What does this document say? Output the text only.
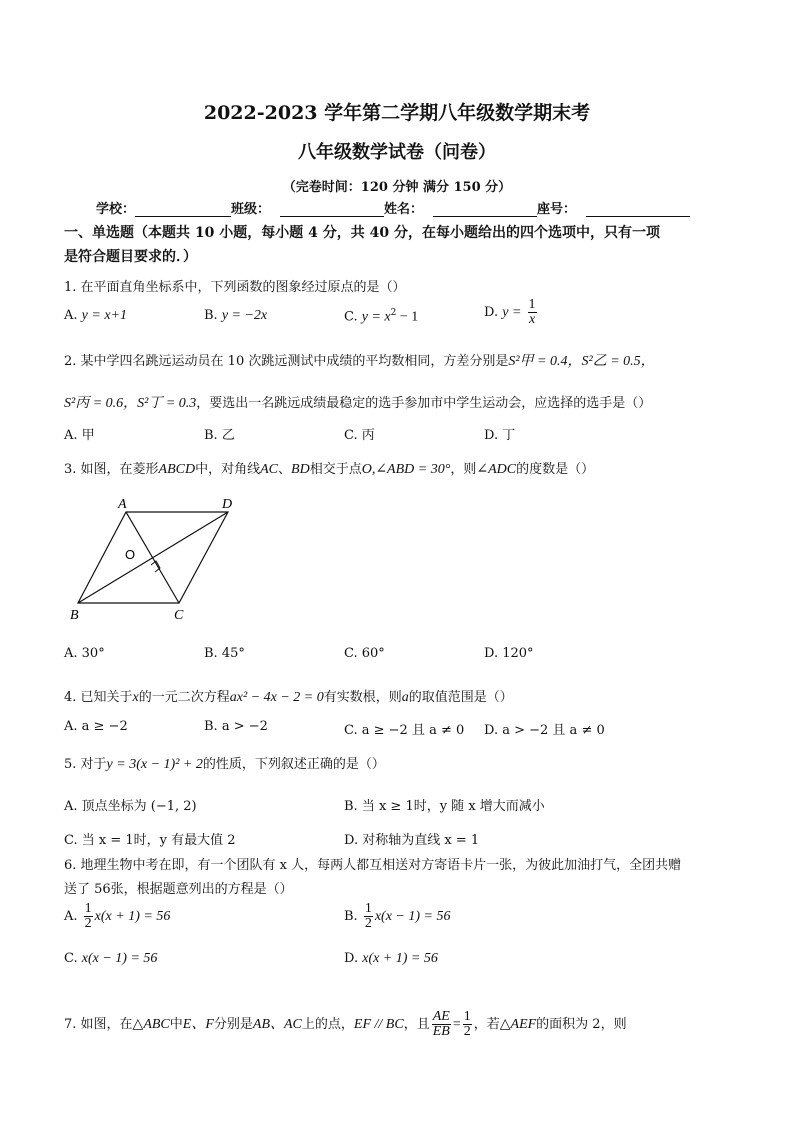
2022-2023 学年第二学期八年级数学期末考
八年级数学试卷（问卷）
（完卷时间：120 分钟 满分 150 分）
学校：	班级：	姓名：	座号：
一、单选题（本题共 10 小题，每小题 4 分，共 40 分，在每小题给出的四个选项中，只有一项
是符合题目要求的．）
1. 在平面直角坐标系中，下列函数的图象经过原点的是（）
A. y = x+1	B. y = −2x	C. $y = x^2 - 1$	D. $y = \frac{1}{x}$
2. 某中学四名跳远运动员在 10 次跳远测试中成绩的平均数相同，方差分别是S²甲 = 0.4，S²乙 = 0.5，
S²丙 = 0.6，S²丁 = 0.3，要选出一名跳远成绩最稳定的选手参加市中学生运动会，应选择的选手是（）
A. 甲	B. 乙	C. 丙	D. 丁
3. 如图，在菱形ABCD中，对角线AC、BD相交于点O,∠ABD = 30°，则∠ADC的度数是（）
A	D
B	C
O
A. 30°	B. 45°	C. 60°	D. 120°
4. 已知关于x的一元二次方程ax² − 4x − 2 = 0有实数根，则a的取值范围是（）
A. a ≥ −2	B. a > −2	C. a ≥ −2 且 a ≠ 0 D. a > −2 且 a ≠ 0
5. 对于y = 3(x − 1)² + 2的性质，下列叙述正确的是（）
A. 顶点坐标为 (−1, 2)	B. 当 x ≥ 1时，y 随 x 增大而减小
C. 当 x = 1时，y 有最大值 2	D. 对称轴为直线 x = 1
6. 地理生物中考在即，有一个团队有 x 人，每两人都互相送对方寄语卡片一张，为彼此加油打气，全团共赠
送了 56张，根据题意列出的方程是（）
A. $\frac{1}{2} x(x + 1) = 56$	B. $\frac{1}{2} x(x - 1) = 56$
C. x(x − 1) = 56	D. x(x + 1) = 56
7. 如图，在△ABC中E、F分别是AB、AC上的点，EF // BC，且 $\frac{AE}{EB} = \frac{1}{2}$ ，若△AEF的面积为 2，则
